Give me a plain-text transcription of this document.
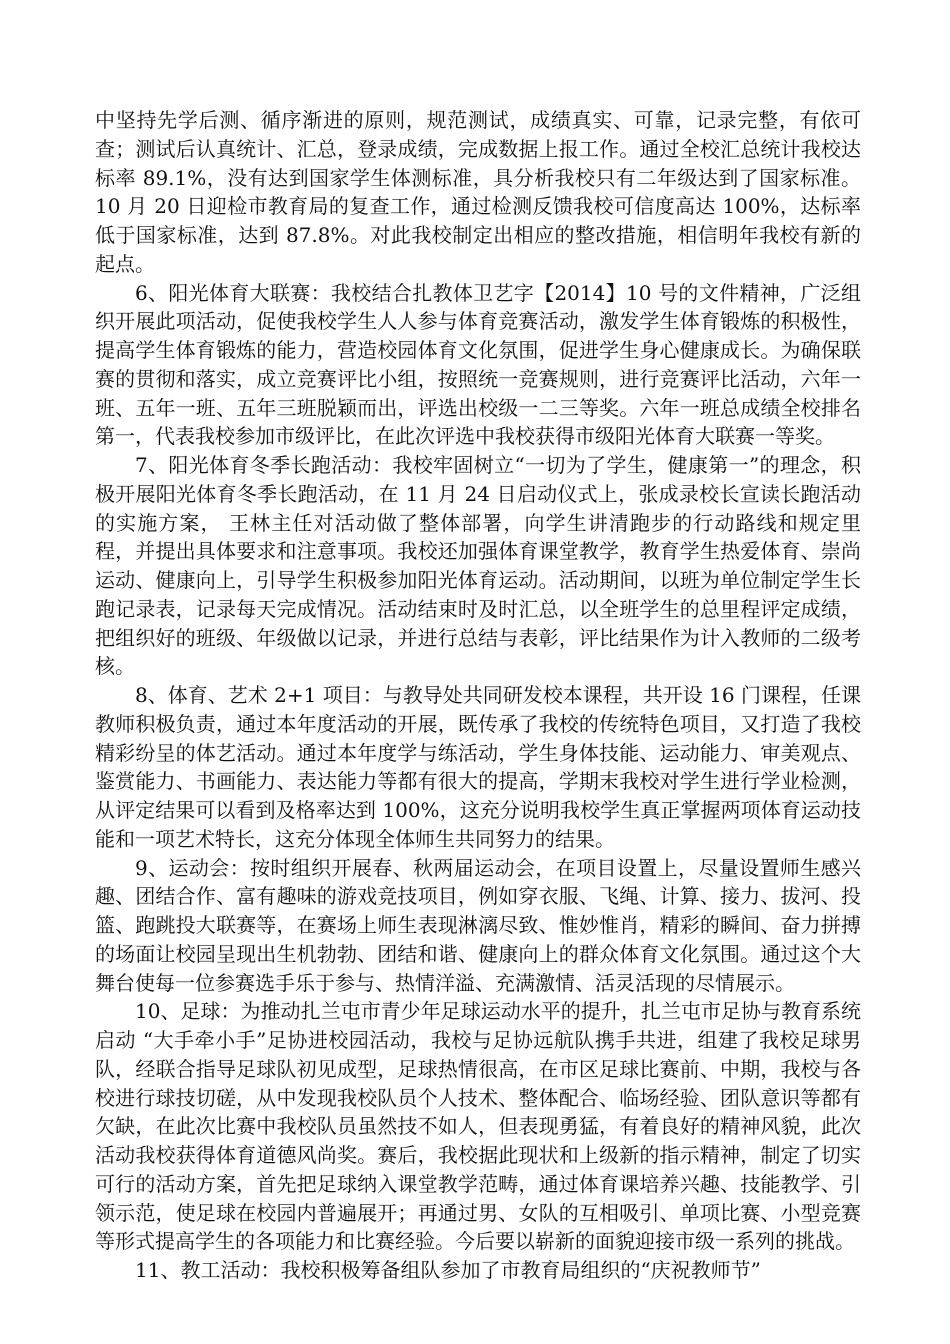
中坚持先学后测、循序渐进的原则，规范测试，成绩真实、可靠，记录完整，有依可查；测试后认真统计、汇总，登录成绩，完成数据上报工作。通过全校汇总统计我校达标率 89.1%，没有达到国家学生体测标准，具分析我校只有二年级达到了国家标准。10 月 20 日迎检市教育局的复查工作，通过检测反馈我校可信度高达 100%，达标率低于国家标准，达到 87.8%。对此我校制定出相应的整改措施，相信明年我校有新的起点。

6、阳光体育大联赛：我校结合扎教体卫艺字【2014】10 号的文件精神，广泛组织开展此项活动，促使我校学生人人参与体育竞赛活动，激发学生体育锻炼的积极性，提高学生体育锻炼的能力，营造校园体育文化氛围，促进学生身心健康成长。为确保联赛的贯彻和落实，成立竞赛评比小组，按照统一竞赛规则，进行竞赛评比活动，六年一班、五年一班、五年三班脱颖而出，评选出校级一二三等奖。六年一班总成绩全校排名第一，代表我校参加市级评比，在此次评选中我校获得市级阳光体育大联赛一等奖。

7、阳光体育冬季长跑活动：我校牢固树立“一切为了学生，健康第一”的理念，积极开展阳光体育冬季长跑活动，在 11 月 24 日启动仪式上，张成录校长宣读长跑活动的实施方案， 王林主任对活动做了整体部署，向学生讲清跑步的行动路线和规定里程，并提出具体要求和注意事项。我校还加强体育课堂教学，教育学生热爱体育、崇尚运动、健康向上，引导学生积极参加阳光体育运动。活动期间，以班为单位制定学生长跑记录表，记录每天完成情况。活动结束时及时汇总，以全班学生的总里程评定成绩，把组织好的班级、年级做以记录，并进行总结与表彰，评比结果作为计入教师的二级考核。

8、体育、艺术 2+1 项目：与教导处共同研发校本课程，共开设 16 门课程，任课教师积极负责，通过本年度活动的开展，既传承了我校的传统特色项目，又打造了我校精彩纷呈的体艺活动。通过本年度学与练活动，学生身体技能、运动能力、审美观点、鉴赏能力、书画能力、表达能力等都有很大的提高，学期末我校对学生进行学业检测，从评定结果可以看到及格率达到 100%，这充分说明我校学生真正掌握两项体育运动技能和一项艺术特长，这充分体现全体师生共同努力的结果。

9、运动会：按时组织开展春、秋两届运动会，在项目设置上，尽量设置师生感兴趣、团结合作、富有趣味的游戏竞技项目，例如穿衣服、飞绳、计算、接力、拔河、投篮、跑跳投大联赛等，在赛场上师生表现淋漓尽致、惟妙惟肖，精彩的瞬间、奋力拼搏的场面让校园呈现出生机勃勃、团结和谐、健康向上的群众体育文化氛围。通过这个大舞台使每一位参赛选手乐于参与、热情洋溢、充满激情、活灵活现的尽情展示。

10、足球：为推动扎兰屯市青少年足球运动水平的提升，扎兰屯市足协与教育系统启动 “大手牵小手”足协进校园活动，我校与足协远航队携手共进，组建了我校足球男队，经联合指导足球队初见成型，足球热情很高，在市区足球比赛前、中期，我校与各校进行球技切磋，从中发现我校队员个人技术、整体配合、临场经验、团队意识等都有欠缺，在此次比赛中我校队员虽然技不如人，但表现勇猛，有着良好的精神风貌，此次活动我校获得体育道德风尚奖。赛后，我校据此现状和上级新的指示精神，制定了切实可行的活动方案，首先把足球纳入课堂教学范畴，通过体育课培养兴趣、技能教学、引领示范，使足球在校园内普遍展开；再通过男、女队的互相吸引、单项比赛、小型竞赛等形式提高学生的各项能力和比赛经验。今后要以崭新的面貌迎接市级一系列的挑战。

11、教工活动：我校积极筹备组队参加了市教育局组织的“庆祝教师节”
